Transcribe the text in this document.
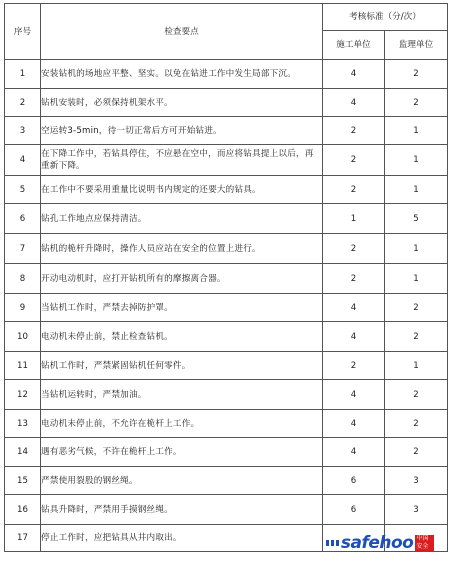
序号	检查要点	考核标准（分/次）	
		施工单位	监理单位
1	安装钻机的场地应平整、坚实。以免在钻进工作中发生局部下沉。	4	2
2	钻机安装时，必须保持机架水平。	4	2
3	空运转3-5min，待一切正常后方可开始钻进。	2	1
4	在下降工作中，若钻具停住，不应悬在空中，而应将钻具提上以后，再重新下降。	2	1
5	在工作中不要采用重量比说明书内规定的还要大的钻具。	2	1
6	钻孔工作地点应保持清洁。	1	5
7	钻机的桅杆升降时，操作人员应站在安全的位置上进行。	2	1
8	开动电动机时，应打开钻机所有的摩擦离合器。	2	1
9	当钻机工作时，严禁去掉防护罩。	4	2
10	电动机未停止前，禁止检查钻机。	4	2
11	钻机工作时，严禁紧固钻机任何零件。	2	1
12	当钻机运转时，严禁加油。	4	2
13	电动机未停止前，不允许在桅杆上工作。	4	2
14	遇有恶劣气候，不许在桅杆上工作。	4	2
15	严禁使用裂股的钢丝绳。	6	3
16	钻具升降时，严禁用手摸钢丝绳。	6	3
17	停止工作时，应把钻具从井内取出。			safehoo 中国安全
